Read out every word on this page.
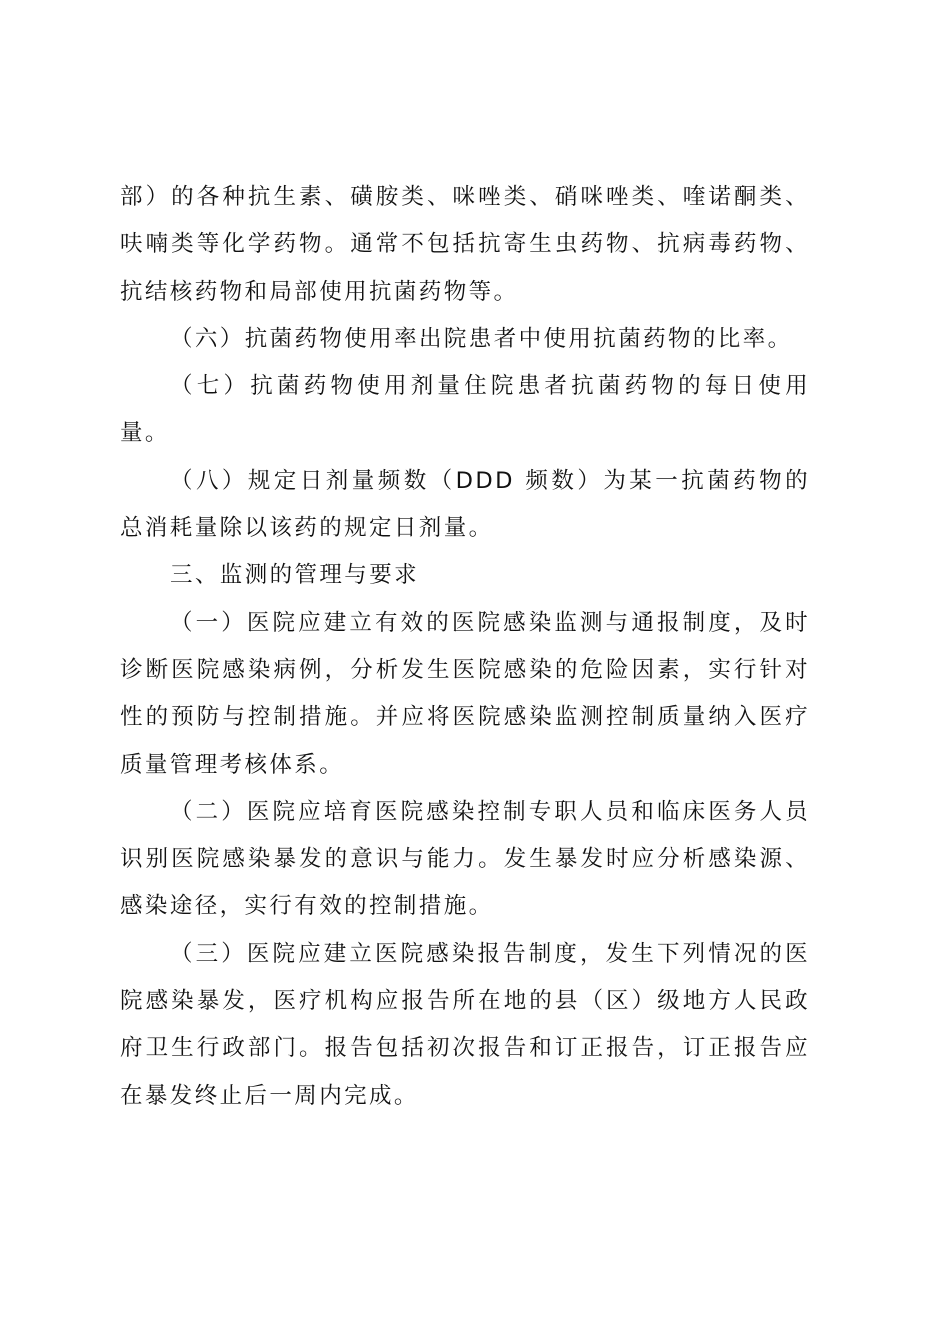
部）的各种抗生素、磺胺类、咪唑类、硝咪唑类、喹诺酮类、呋喃类等化学药物。通常不包括抗寄生虫药物、抗病毒药物、抗结核药物和局部使用抗菌药物等。

（六）抗菌药物使用率出院患者中使用抗菌药物的比率。

（七）抗菌药物使用剂量住院患者抗菌药物的每日使用量。

（八）规定日剂量频数（DDD 频数）为某一抗菌药物的总消耗量除以该药的规定日剂量。

三、监测的管理与要求

（一）医院应建立有效的医院感染监测与通报制度，及时诊断医院感染病例，分析发生医院感染的危险因素，实行针对性的预防与控制措施。并应将医院感染监测控制质量纳入医疗质量管理考核体系。

（二）医院应培育医院感染控制专职人员和临床医务人员识别医院感染暴发的意识与能力。发生暴发时应分析感染源、感染途径，实行有效的控制措施。

（三）医院应建立医院感染报告制度，发生下列情况的医院感染暴发，医疗机构应报告所在地的县（区）级地方人民政府卫生行政部门。报告包括初次报告和订正报告，订正报告应在暴发终止后一周内完成。
